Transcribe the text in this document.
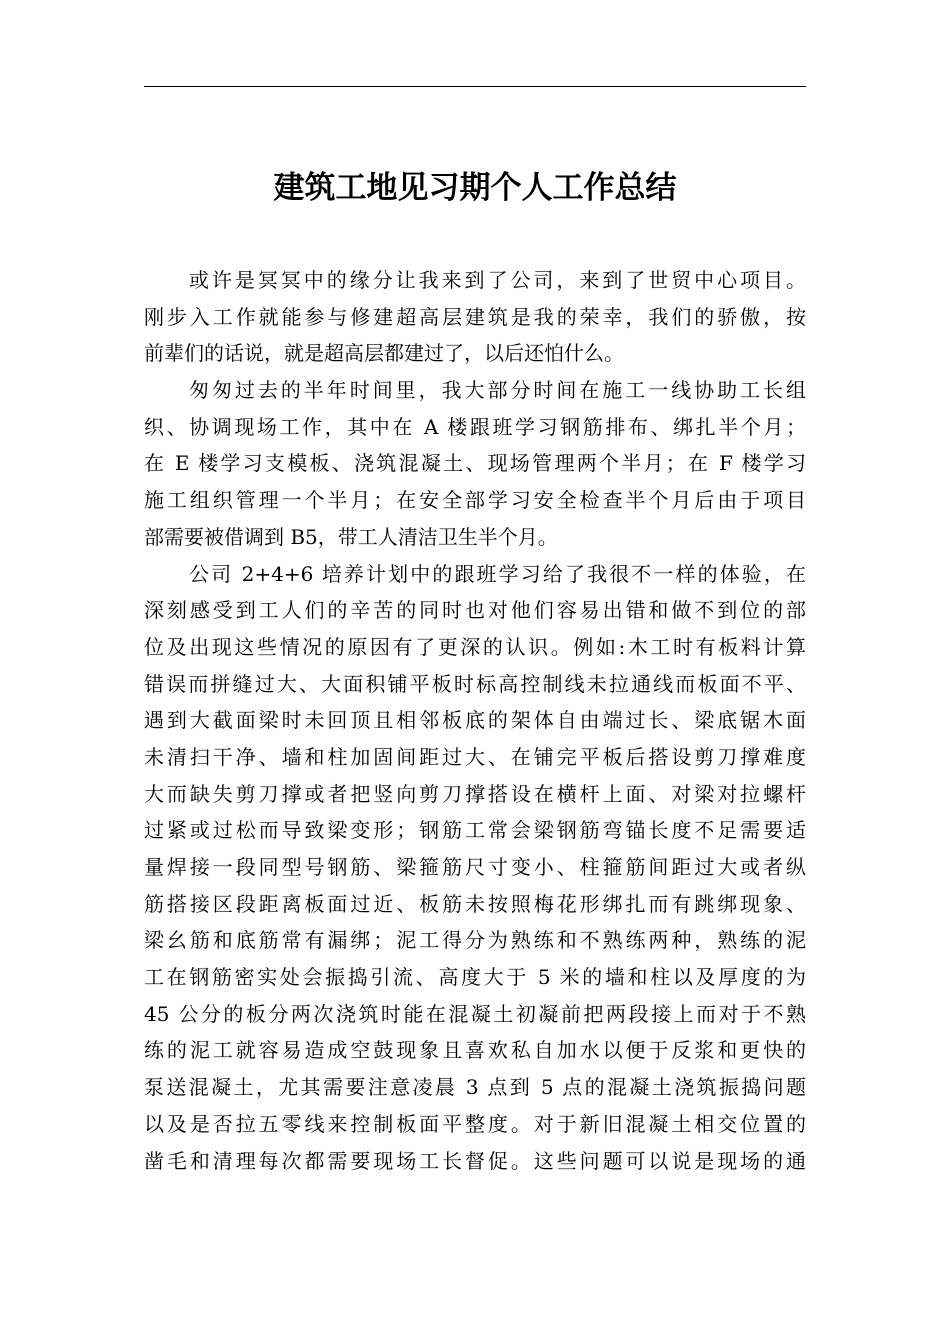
建筑工地见习期个人工作总结
或许是冥冥中的缘分让我来到了公司，来到了世贸中心项目。
刚步入工作就能参与修建超高层建筑是我的荣幸，我们的骄傲，按
前辈们的话说，就是超高层都建过了，以后还怕什么。
匆匆过去的半年时间里，我大部分时间在施工一线协助工长组
织、协调现场工作，其中在 A 楼跟班学习钢筋排布、绑扎半个月；
在 E 楼学习支模板、浇筑混凝土、现场管理两个半月；在 F 楼学习
施工组织管理一个半月；在安全部学习安全检查半个月后由于项目
部需要被借调到 B5，带工人清洁卫生半个月。
公司 2+4+6 培养计划中的跟班学习给了我很不一样的体验，在
深刻感受到工人们的辛苦的同时也对他们容易出错和做不到位的部
位及出现这些情况的原因有了更深的认识。例如:木工时有板料计算
错误而拼缝过大、大面积铺平板时标高控制线未拉通线而板面不平、
遇到大截面梁时未回顶且相邻板底的架体自由端过长、梁底锯木面
未清扫干净、墙和柱加固间距过大、在铺完平板后搭设剪刀撑难度
大而缺失剪刀撑或者把竖向剪刀撑搭设在横杆上面、对梁对拉螺杆
过紧或过松而导致梁变形；钢筋工常会梁钢筋弯锚长度不足需要适
量焊接一段同型号钢筋、梁箍筋尺寸变小、柱箍筋间距过大或者纵
筋搭接区段距离板面过近、板筋未按照梅花形绑扎而有跳绑现象、
梁幺筋和底筋常有漏绑；泥工得分为熟练和不熟练两种，熟练的泥
工在钢筋密实处会振捣引流、高度大于 5 米的墙和柱以及厚度的为
45 公分的板分两次浇筑时能在混凝土初凝前把两段接上而对于不熟
练的泥工就容易造成空鼓现象且喜欢私自加水以便于反浆和更快的
泵送混凝土，尤其需要注意凌晨 3 点到 5 点的混凝土浇筑振捣问题
以及是否拉五零线来控制板面平整度。对于新旧混凝土相交位置的
凿毛和清理每次都需要现场工长督促。这些问题可以说是现场的通
